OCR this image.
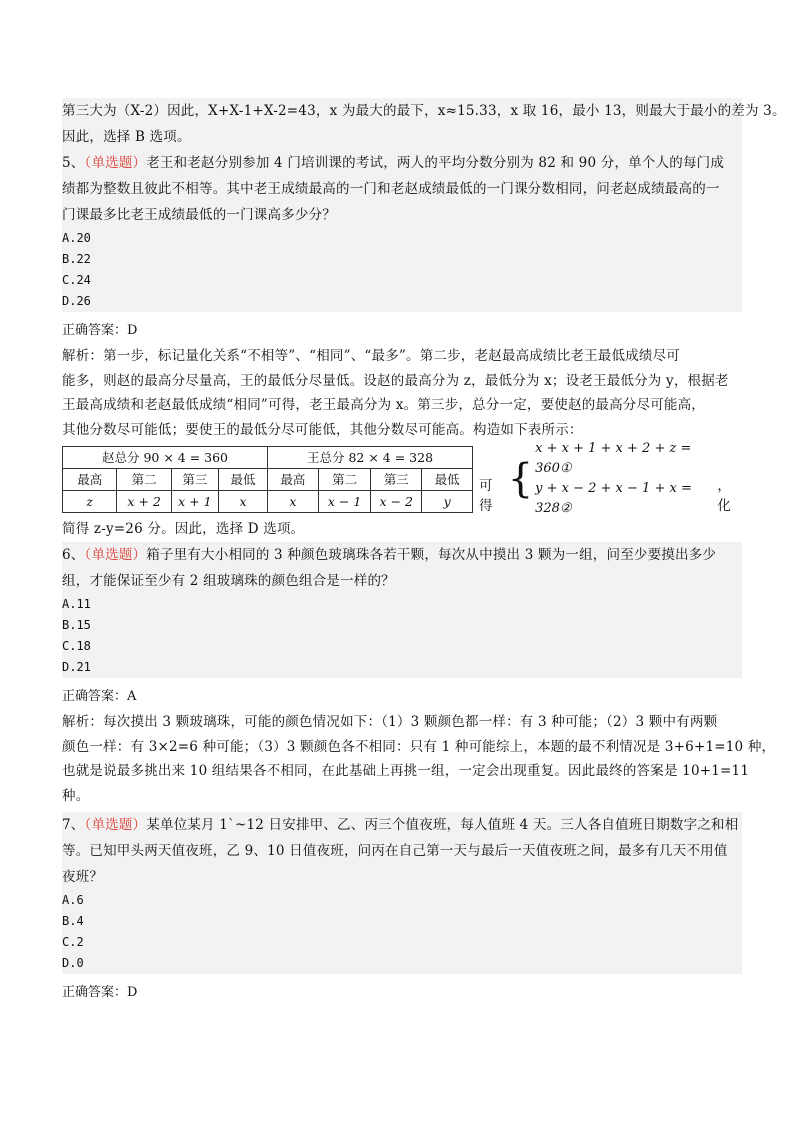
第三大为（X-2）因此，X+X-1+X-2=43，x 为最大的最下，x≈15.33，x 取 16，最小 13，则最大于最小的差为 3。
因此，选择 B 选项。
5、（单选题）老王和老赵分别参加 4 门培训课的考试，两人的平均分数分别为 82 和 90 分，单个人的每门成
绩都为整数且彼此不相等。其中老王成绩最高的一门和老赵成绩最低的一门课分数相同，问老赵成绩最高的一
门课最多比老王成绩最低的一门课高多少分？
A.20
B.22
C.24
D.26
正确答案：D
解析：第一步，标记量化关系“不相等”、“相同”、“最多”。第二步，老赵最高成绩比老王最低成绩尽可
能多，则赵的最高分尽量高，王的最低分尽量低。设赵的最高分为 z，最低分为 x；设老王最低分为 y，根据老
王最高成绩和老赵最低成绩“相同”可得，老王最高分为 x。第三步，总分一定，要使赵的最高分尽可能高，
其他分数尽可能低；要使王的最低分尽可能低，其他分数尽可能高。构造如下表所示：
赵总分 90 × 4 = 360				王总分 82 × 4 = 328			
最高	第二	第三	最低	最高	第二	第三	最低
z	x + 2	x + 1	x	x	x − 1	x − 2	y
可得
{
x + x + 1 + x + 2 + z = 360①
y + x − 2 + x − 1 + x = 328②
，化
简得 z-y=26 分。因此，选择 D 选项。
6、（单选题）箱子里有大小相同的 3 种颜色玻璃珠各若干颗，每次从中摸出 3 颗为一组，问至少要摸出多少
组，才能保证至少有 2 组玻璃珠的颜色组合是一样的？
A.11
B.15
C.18
D.21
正确答案：A
解析：每次摸出 3 颗玻璃珠，可能的颜色情况如下：（1）3 颗颜色都一样：有 3 种可能；（2）3 颗中有两颗
颜色一样：有 3×2=6 种可能；（3）3 颗颜色各不相同：只有 1 种可能综上，本题的最不利情况是 3+6+1=10 种，
也就是说最多挑出来 10 组结果各不相同，在此基础上再挑一组，一定会出现重复。因此最终的答案是 10+1=11
种。
7、（单选题）某单位某月 1`~12 日安排甲、乙、丙三个值夜班，每人值班 4 天。三人各自值班日期数字之和相
等。已知甲头两天值夜班，乙 9、10 日值夜班，问丙在自己第一天与最后一天值夜班之间，最多有几天不用值
夜班？
A.6
B.4
C.2
D.0
正确答案：D
